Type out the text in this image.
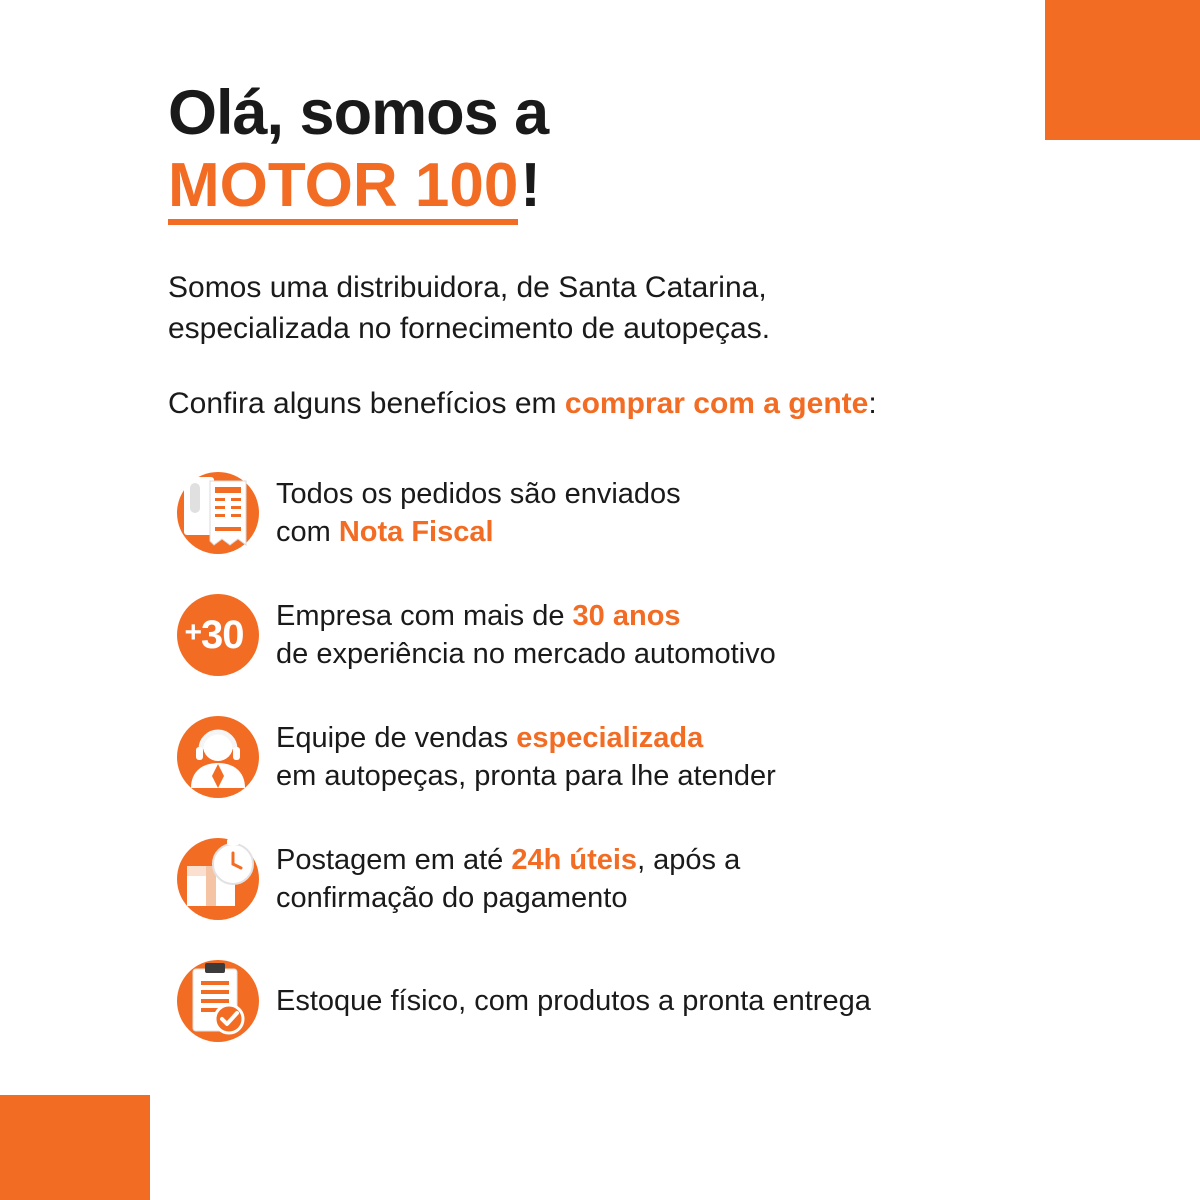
Olá, somos a
MOTOR 100 !
Somos uma distribuidora, de Santa Catarina,
especializada no fornecimento de autopeças.
Confira alguns benefícios em comprar com a gente:
Todos os pedidos são enviados
com Nota Fiscal
+30 Empresa com mais de 30 anos
de experiência no mercado automotivo
Equipe de vendas especializada
em autopeças, pronta para lhe atender
Postagem em até 24h úteis, após a
confirmação do pagamento
Estoque físico, com produtos a pronta entrega
